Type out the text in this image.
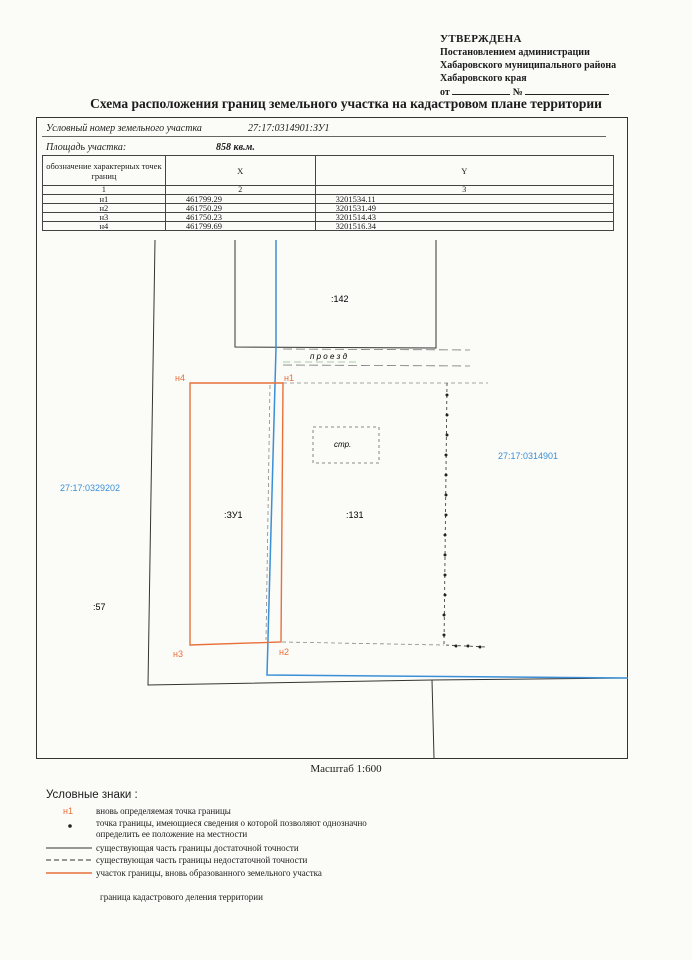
УТВЕРЖДЕНА
Постановлением администрации
Хабаровского муниципального района
Хабаровского края
от	№
Схема расположения границ земельного участка на кадастровом плане территории
Условный номер земельного участка	27:17:0314901:ЗУ1
Площадь участка:	858 кв.м.
обозначение характерных точек границ	X	Y
1	2	3
н1	461799.29	3201534.11
н2	461750.29	3201531.49
н3	461750.23	3201514.43
н4	461799.69	3201516.34
:142
п р о е з д
стр.
27:17:0314901
27:17:0329202
:ЗУ1	:131
:57
н1
н2
н3
н4
н1
Масштаб 1:600
Условные знаки :
вновь определяемая точка границы
точка границы, имеющиеся сведения о которой позволяют однозначно
определить ее положение на местности
существующая часть границы достаточной точности
существующая часть границы недостаточной точности
участок границы, вновь образованного земельного участка
граница кадастрового деления территории
